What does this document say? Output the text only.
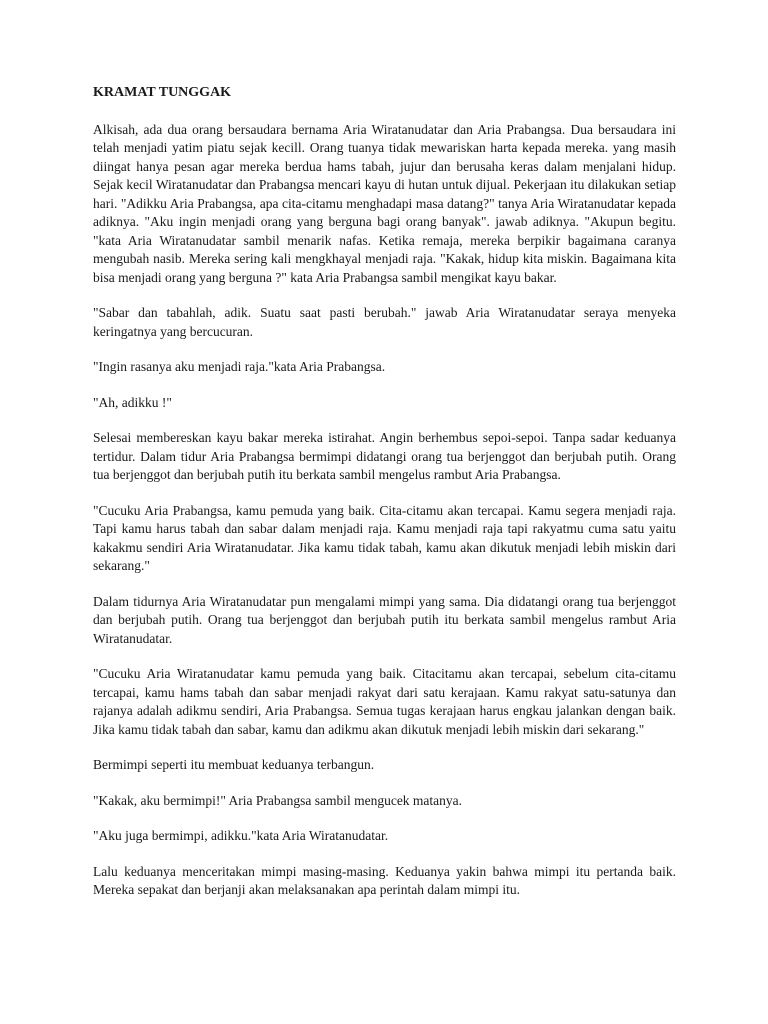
KRAMAT TUNGGAK

Alkisah, ada dua orang bersaudara bernama Aria Wiratanudatar dan Aria Prabangsa. Dua bersaudara ini telah menjadi yatim piatu sejak kecill. Orang tuanya tidak mewariskan harta kepada mereka. yang masih diingat hanya pesan agar mereka berdua hams tabah, jujur dan berusaha keras dalam menjalani hidup. Sejak kecil Wiratanudatar dan Prabangsa mencari kayu di hutan untuk dijual. Pekerjaan itu dilakukan setiap hari. "Adikku Aria Prabangsa, apa cita-citamu menghadapi masa datang?" tanya Aria Wiratanudatar kepada adiknya. "Aku ingin menjadi orang yang berguna bagi orang banyak". jawab adiknya. "Akupun begitu. "kata Aria Wiratanudatar sambil menarik nafas. Ketika remaja, mereka berpikir bagaimana caranya mengubah nasib. Mereka sering kali mengkhayal menjadi raja. "Kakak, hidup kita miskin. Bagaimana kita bisa menjadi orang yang berguna ?" kata Aria Prabangsa sambil mengikat kayu bakar.

"Sabar dan tabahlah, adik. Suatu saat pasti berubah." jawab Aria Wiratanudatar seraya menyeka keringatnya yang bercucuran.

"Ingin rasanya aku menjadi raja."kata Aria Prabangsa.

"Ah, adikku !"

Selesai membereskan kayu bakar mereka istirahat. Angin berhembus sepoi-sepoi. Tanpa sadar keduanya tertidur. Dalam tidur Aria Prabangsa bermimpi didatangi orang tua berjenggot dan berjubah putih. Orang tua berjenggot dan berjubah putih itu berkata sambil mengelus rambut Aria Prabangsa.

"Cucuku Aria Prabangsa, kamu pemuda yang baik. Cita-citamu akan tercapai. Kamu segera menjadi raja. Tapi kamu harus tabah dan sabar dalam menjadi raja. Kamu menjadi raja tapi rakyatmu cuma satu yaitu kakakmu sendiri Aria Wiratanudatar. Jika kamu tidak tabah, kamu akan dikutuk menjadi lebih miskin dari sekarang."

Dalam tidurnya Aria Wiratanudatar pun mengalami mimpi yang sama. Dia didatangi orang tua berjenggot dan berjubah putih. Orang tua berjenggot dan berjubah putih itu berkata sambil mengelus rambut Aria Wiratanudatar.

"Cucuku Aria Wiratanudatar kamu pemuda yang baik. Citacitamu akan tercapai, sebelum cita-citamu tercapai, kamu hams tabah dan sabar menjadi rakyat dari satu kerajaan. Kamu rakyat satu-satunya dan rajanya adalah adikmu sendiri, Aria Prabangsa. Semua tugas kerajaan harus engkau jalankan dengan baik. Jika kamu tidak tabah dan sabar, kamu dan adikmu akan dikutuk menjadi lebih miskin dari sekarang."

Bermimpi seperti itu membuat keduanya terbangun.

"Kakak, aku bermimpi!" Aria Prabangsa sambil mengucek matanya.

"Aku juga bermimpi, adikku."kata Aria Wiratanudatar.

Lalu keduanya menceritakan mimpi masing-masing. Keduanya yakin bahwa mimpi itu pertanda baik. Mereka sepakat dan berjanji akan melaksanakan apa perintah dalam mimpi itu.
